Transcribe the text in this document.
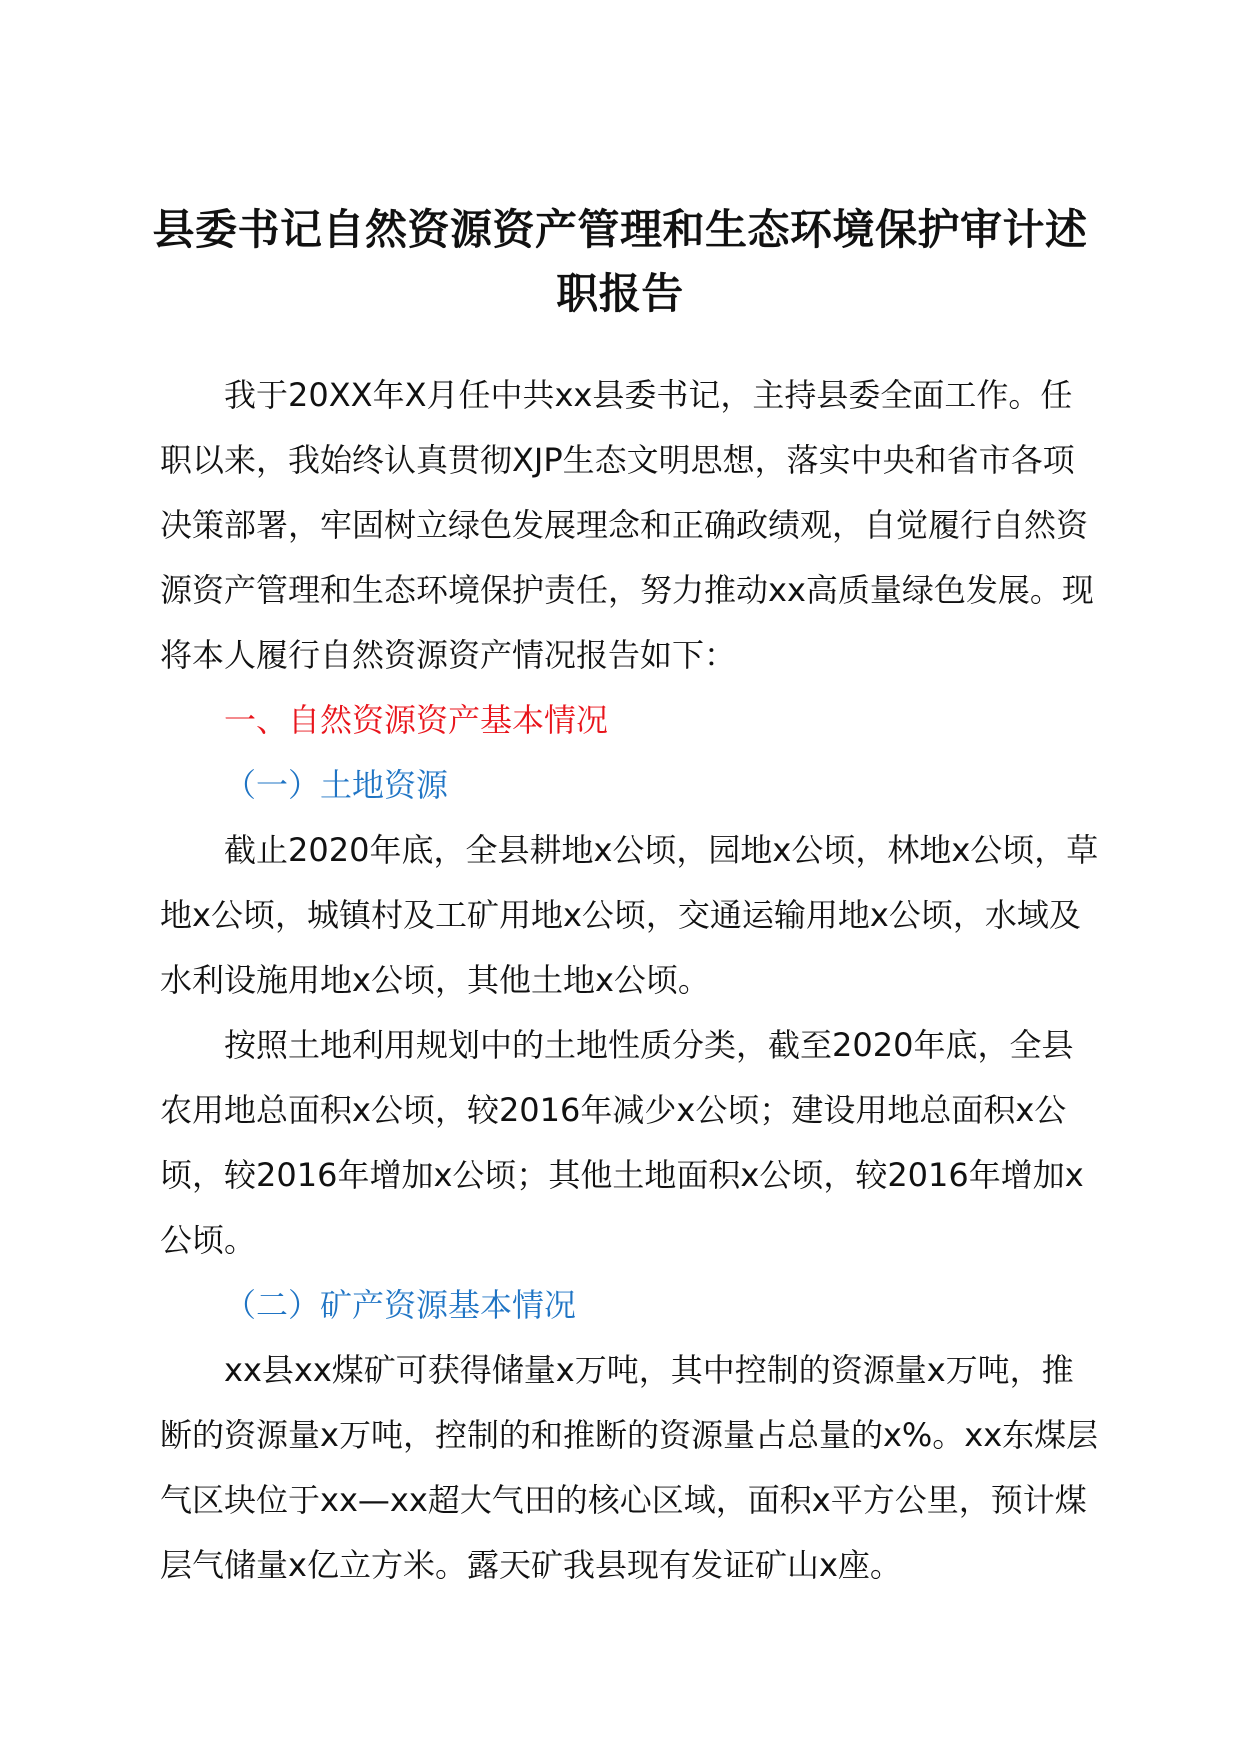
县委书记自然资源资产管理和生态环境保护审计述职报告

我于20XX年X月任中共xx县委书记，主持县委全面工作。任职以来，我始终认真贯彻XJP生态文明思想，落实中央和省市各项决策部署，牢固树立绿色发展理念和正确政绩观，自觉履行自然资源资产管理和生态环境保护责任，努力推动xx高质量绿色发展。现将本人履行自然资源资产情况报告如下：

一、自然资源资产基本情况

（一）土地资源

截止2020年底，全县耕地x公顷，园地x公顷，林地x公顷，草地x公顷，城镇村及工矿用地x公顷，交通运输用地x公顷，水域及水利设施用地x公顷，其他土地x公顷。

按照土地利用规划中的土地性质分类，截至2020年底，全县农用地总面积x公顷，较2016年减少x公顷；建设用地总面积x公顷，较2016年增加x公顷；其他土地面积x公顷，较2016年增加x公顷。

（二）矿产资源基本情况

xx县xx煤矿可获得储量x万吨，其中控制的资源量x万吨，推断的资源量x万吨，控制的和推断的资源量占总量的x%。xx东煤层气区块位于xx—xx超大气田的核心区域，面积x平方公里，预计煤层气储量x亿立方米。露天矿我县现有发证矿山x座。
